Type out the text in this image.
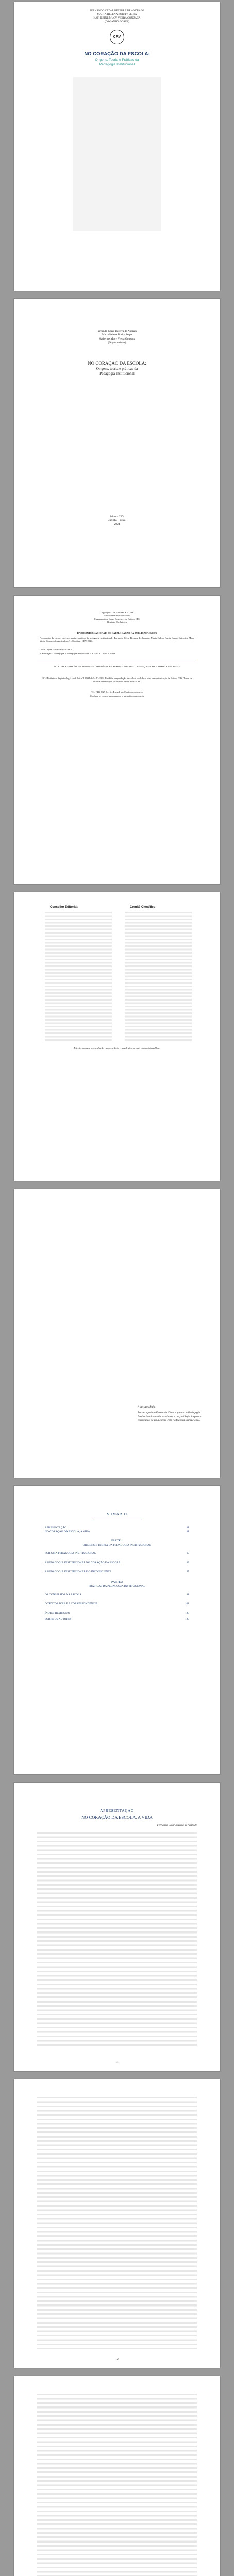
FERNANDO CÉZAR BEZERRA DE ANDRADE
MARTA HELENA BURITY SERPA
KATHERINE MUCY VIEIRA GONZAGA
(ORGANIZADORES)
CRV
NO CORAÇÃO DA ESCOLA:
Origens, Teoria e Práticas da
Pedagogia Institucional
Fernando Cézar Bezerra de Andrade
Marta Helena Burity Serpa
Katherine Mucy Vieira Gonzaga
(Organizadores)
NO CORAÇÃO DA ESCOLA:
Origens, teoria e práticas da
Pedagogia Institucional
Editora CRV
Curitiba – Brasil
2024
Copyright © da Editora CRV Ltda.
Editor-chefe: Railson Moura
Diagramação e Capa: Designers da Editora CRV
Revisão: Os Autores
DADOS INTERNACIONAIS DE CATALOGAÇÃO NA PUBLICAÇÃO (CIP)
No coração da escola: origens, teoria e práticas da pedagogia institucional / Fernando Cézar Bezerra de Andrade, Marta Helena Burity Serpa, Katherine Mucy Vieira Gonzaga (organizadores) – Curitiba : CRV, 2024.
ISBN Digital · ISBN Físico · DOI
1. Educação 2. Pedagogia 3. Pedagogia Institucional 4. Escola I. Título II. Série
ESTA OBRA TAMBÉM ENCONTRA-SE DISPONÍVEL EM FORMATO DIGITAL. CONHEÇA E BAIXE NOSSO APLICATIVO!
2024 Foi feito o depósito legal conf. Lei nº 10.994 de 14/12/2004. Proibida a reprodução parcial ou total desta obra sem autorização da Editora CRV. Todos os direitos desta edição reservados pela Editora CRV.
Tel.: (41) 3029-6416 – E-mail: sac@editoracrv.com.br
Conheça os nossos lançamentos: www.editoracrv.com.br
Conselho Editorial:	Comitê Científico:
Este livro passou por avaliação e aprovação às cegas de dois ou mais pareceristas ad hoc.
A Jacques Pain.
Por ter ajudado Fernando Cézar a plantar a Pedagogia Institucional em solo brasileiro, e por, até hoje, inspirar a construção de uma escola com Pedagogia Institucional.
SUMÁRIO
APRESENTAÇÃO	11
NO CORAÇÃO DA ESCOLA, A VIDA	11
PARTE 1
ORIGENS E TEORIA DA PEDAGOGIA INSTITUCIONAL
POR UMA PEDAGOGIA INSTITUCIONAL	17
A PEDAGOGIA INSTITUCIONAL NO CORAÇÃO DA ESCOLA	33
A PEDAGOGIA INSTITUCIONAL E O INCONSCIENTE	57
PARTE 2
PRÁTICAS DA PEDAGOGIA INSTITUCIONAL
OS CONSELHOS NA ESCOLA	81
O TEXTO LIVRE E A CORRESPONDÊNCIA	101
ÍNDICE REMISSIVO	125
SOBRE OS AUTORES	129
APRESENTAÇÃO
NO CORAÇÃO DA ESCOLA, A VIDA
Fernando Cézar Bezerra de Andrade
11
12
